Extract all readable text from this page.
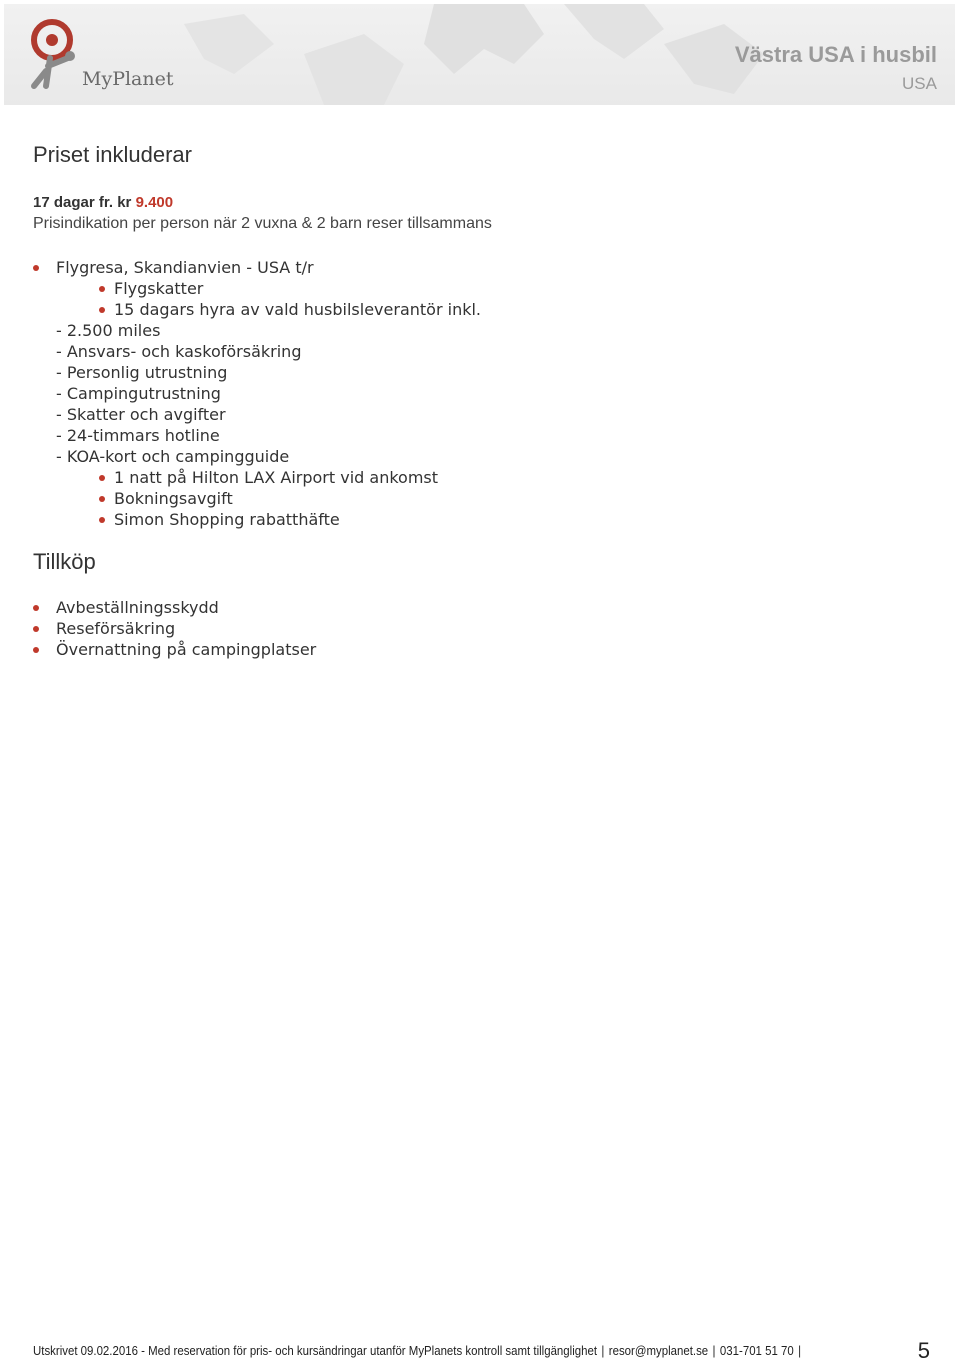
MyPlanet
Västra USA i husbil
USA
Priset inkluderar
17 dagar fr. kr 9.400
Prisindikation per person när 2 vuxna & 2 barn reser tillsammans
Flygresa, Skandianvien - USA t/r
Flygskatter
15 dagars hyra av vald husbilsleverantör inkl.
- 2.500 miles
- Ansvars- och kaskoförsäkring
- Personlig utrustning
- Campingutrustning
- Skatter och avgifter
- 24-timmars hotline
- KOA-kort och campingguide
1 natt på Hilton LAX Airport vid ankomst
Bokningsavgift
Simon Shopping rabatthäfte
Tillköp
Avbeställningsskydd
Reseförsäkring
Övernattning på campingplatser
Utskrivet 09.02.2016 - Med reservation för pris- och kursändringar utanför MyPlanets kontroll samt tillgänglighet | resor@myplanet.se | 031-701 51 70 |	5
